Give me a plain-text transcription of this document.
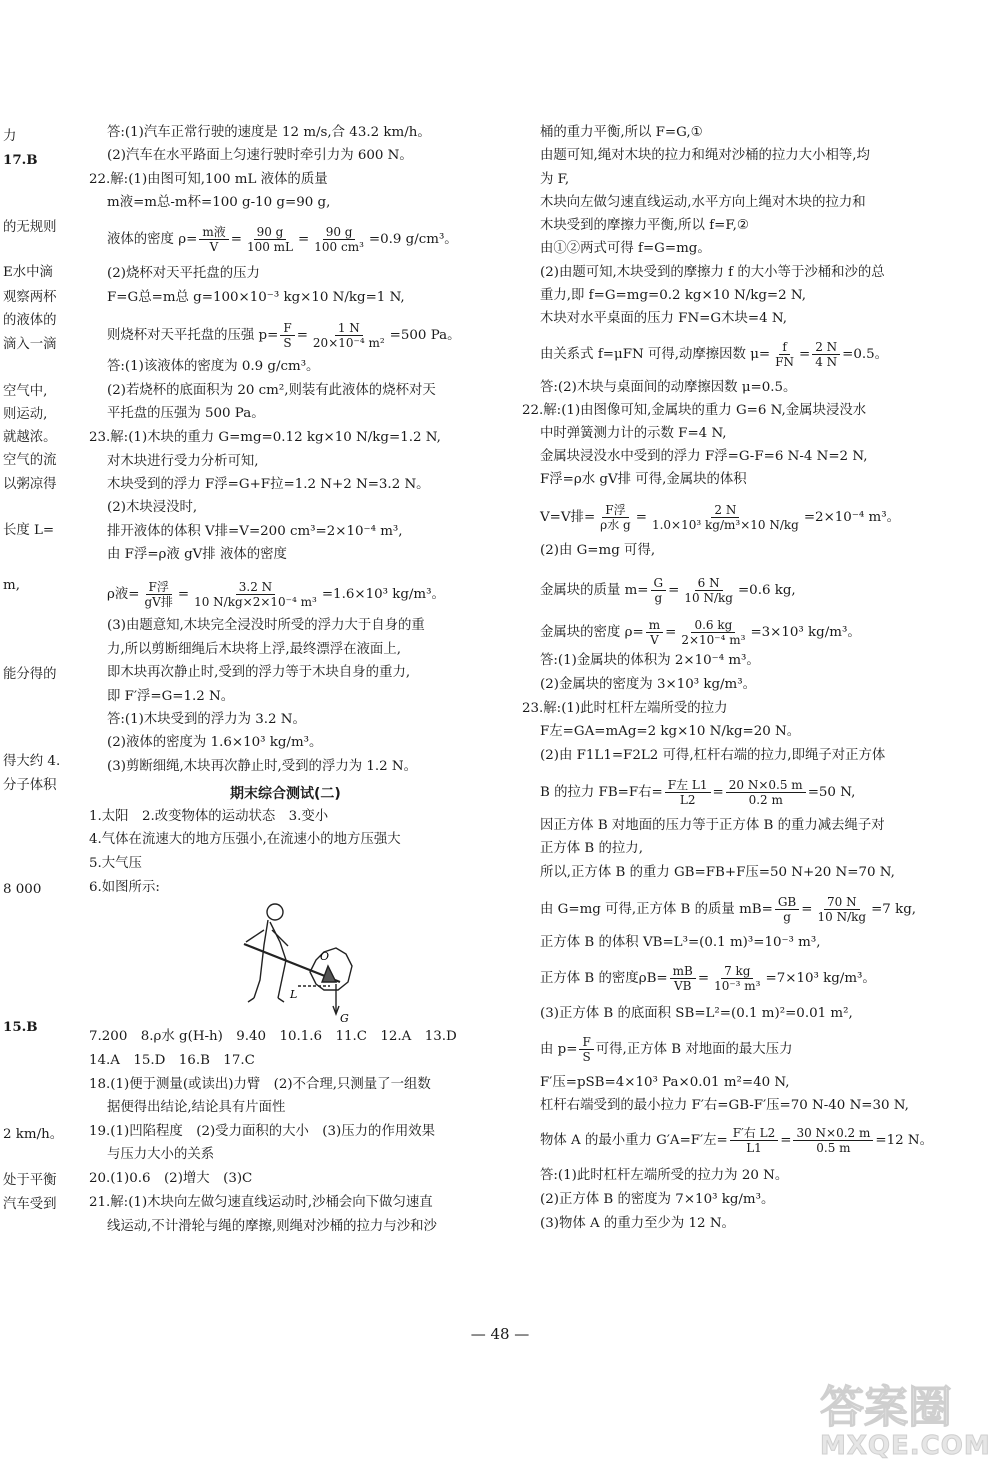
力
17.B
的无规则
E水中滴
观察两杯
的液体的
滴入一滴
空气中,
则运动,
就越浓。
空气的流
以粥凉得
长度 L=
m,
能分得的
得大约 4.
分子体积
8 000
15.B
2 km/h。
处于平衡
汽车受到
答:(1)汽车正常行驶的速度是 12 m/s,合 43.2 km/h。
(2)汽车在水平路面上匀速行驶时牵引力为 600 N。
22.解:(1)由图可知,100 mL 液体的质量
m液=m总-m杯=100 g-10 g=90 g,
(2)烧杯对天平托盘的压力
F=G总=m总 g=100×10⁻³ kg×10 N/kg=1 N,
答:(1)该液体的密度为 0.9 g/cm³。
(2)若烧杯的底面积为 20 cm²,则装有此液体的烧杯对天
平托盘的压强为 500 Pa。
23.解:(1)木块的重力 G=mg=0.12 kg×10 N/kg=1.2 N,
对木块进行受力分析可知,
木块受到的浮力 F浮=G+F拉=1.2 N+2 N=3.2 N。
(2)木块浸没时,
排开液体的体积 V排=V=200 cm³=2×10⁻⁴ m³,
由 F浮=ρ液 gV排 液体的密度
(3)由题意知,木块完全浸没时所受的浮力大于自身的重
力,所以剪断细绳后木块将上浮,最终漂浮在液面上,
即木块再次静止时,受到的浮力等于木块自身的重力,
即 F′浮=G=1.2 N。
答:(1)木块受到的浮力为 3.2 N。
(2)液体的密度为 1.6×10³ kg/m³。
(3)剪断细绳,木块再次静止时,受到的浮力为 1.2 N。
1.太阳　2.改变物体的运动状态　3.变小
4.气体在流速大的地方压强小,在流速小的地方压强大
5.大气压
6.如图所示:
7.200　8.ρ水 g(H-h)　9.40　10.1.6　11.C　12.A　13.D
14.A　15.D　16.B　17.C
18.(1)便于测量(或读出)力臂　(2)不合理,只测量了一组数
据便得出结论,结论具有片面性
19.(1)凹陷程度　(2)受力面积的大小　(3)压力的作用效果
与压力大小的关系
20.(1)0.6　(2)增大　(3)C
21.解:(1)木块向左做匀速直线运动时,沙桶会向下做匀速直
线运动,不计滑轮与绳的摩擦,则绳对沙桶的拉力与沙和沙
液体的密度 $\rho= \frac{\text{m液}}{V} = \frac{90 g}{100 mL} = \frac{90 g}{\text{100 cm³}} =0.9$ g/cm³。
则烧杯对天平托盘的压强 $p= \frac{F}{S} = \frac{1 N}{\text{20×10⁻⁴ m²}} =500$ Pa。
ρ液= $\frac{\text{F浮}}{\text{gV排}} = \frac{3.2 N}{\text{10 N/kg×2×10⁻⁴ m³}} =1.6\times 10^3$ kg/m³。
期末综合测试(二)
O
L
G
桶的重力平衡,所以 F=G,①
由题可知,绳对木块的拉力和绳对沙桶的拉力大小相等,均
为 F,
木块向左做匀速直线运动,水平方向上绳对木块的拉力和
木块受到的摩擦力平衡,所以 f=F,②
由①②两式可得 f=G=mg。
(2)由题可知,木块受到的摩擦力 f 的大小等于沙桶和沙的总
重力,即 f=G=mg=0.2 kg×10 N/kg=2 N,
木块对水平桌面的压力 FN=G木块=4 N,
答:(2)木块与桌面间的动摩擦因数 μ=0.5。
22.解:(1)由图像可知,金属块的重力 G=6 N,金属块浸没水
中时弹簧测力计的示数 F=4 N,
金属块浸没水中受到的浮力 F浮=G-F=6 N-4 N=2 N,
F浮=ρ水 gV排 可得,金属块的体积
(2)由 G=mg 可得,
答:(1)金属块的体积为 2×10⁻⁴ m³。
(2)金属块的密度为 3×10³ kg/m³。
23.解:(1)此时杠杆左端所受的拉力
F左=GA=mAg=2 kg×10 N/kg=20 N。
(2)由 F1L1=F2L2 可得,杠杆右端的拉力,即绳子对正方体
因正方体 B 对地面的压力等于正方体 B 的重力减去绳子对
正方体 B 的拉力,
所以,正方体 B 的重力 GB=FB+F压=50 N+20 N=70 N,
正方体 B 的体积 VB=L³=(0.1 m)³=10⁻³ m³,
(3)正方体 B 的底面积 SB=L²=(0.1 m)²=0.01 m²,
F′压=pSB=4×10³ Pa×0.01 m²=40 N,
杠杆右端受到的最小拉力 F′右=GB-F′压=70 N-40 N=30 N,
答:(1)此时杠杆左端所受的拉力为 20 N。
(2)正方体 B 的密度为 7×10³ kg/m³。
(3)物体 A 的重力至少为 12 N。
由关系式 f=μFN 可得,动摩擦因数 $\mu= \frac{f}{FN} = \frac{2 N}{4 N} =0.5$。
V=V排= $\frac{\text{F浮}}{\text{ρ水 g}} = \frac{2 N}{\text{1.0×10³ kg/m³×10 N/kg}} =2\times 10^{-4}$ m³。
金属块的质量 $m= \frac{G}{g} = \frac{6 N}{10 N/kg} =0.6$ kg,
金属块的密度 $\rho= \frac{m}{V} = \frac{0.6 kg}{\text{2×10⁻⁴ m³}} =3\times 10^3$ kg/m³。
B 的拉力 FB=F右= $\frac{\text{F左 L1}}{L2} = \frac{20 N\times 0.5 m}{0.2 m} =50$ N,
由 G=mg 可得,正方体 B 的质量 $mB= \frac{GB}{g} = \frac{70 N}{10 N/kg} =7$ kg,
正方体 B 的密度$\rho B= \frac{mB}{VB} = \frac{7 kg}{\text{10⁻³ m³}} =7\times 10^3$ kg/m³。
由 $p= \frac{F}{S}$ 可得,正方体 B 对地面的最大压力
物体 A 的最小重力 G′A=F′左= $\frac{\text{F′右 L2}}{L1} = \frac{30 N\times 0.2 m}{0.5 m} =12$ N。
— 48 —
答案圈
MXQE.COM
